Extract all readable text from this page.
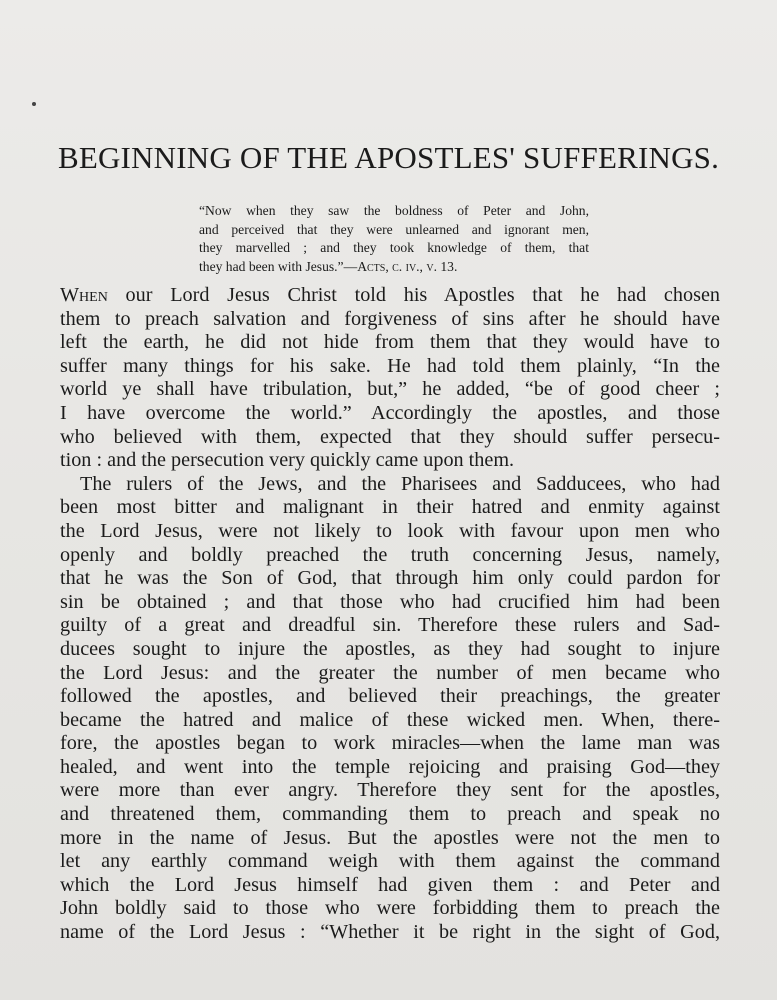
BEGINNING OF THE APOSTLES' SUFFERINGS.
“Now when they saw the boldness of Peter and John,
and perceived that they were unlearned and ignorant men,
they marvelled ; and they took knowledge of them, that
they had been with Jesus.”—Acts, c. iv., v. 13.
When our Lord Jesus Christ told his Apostles that he had chosen
them to preach salvation and forgiveness of sins after he should have
left the earth, he did not hide from them that they would have to
suffer many things for his sake. He had told them plainly, “In the
world ye shall have tribulation, but,” he added, “be of good cheer ;
I have overcome the world.” Accordingly the apostles, and those
who believed with them, expected that they should suffer persecu-
tion : and the persecution very quickly came upon them.
The rulers of the Jews, and the Pharisees and Sadducees, who had
been most bitter and malignant in their hatred and enmity against
the Lord Jesus, were not likely to look with favour upon men who
openly and boldly preached the truth concerning Jesus, namely,
that he was the Son of God, that through him only could pardon for
sin be obtained ; and that those who had crucified him had been
guilty of a great and dreadful sin. Therefore these rulers and Sad-
ducees sought to injure the apostles, as they had sought to injure
the Lord Jesus: and the greater the number of men became who
followed the apostles, and believed their preachings, the greater
became the hatred and malice of these wicked men. When, there-
fore, the apostles began to work miracles—when the lame man was
healed, and went into the temple rejoicing and praising God—they
were more than ever angry. Therefore they sent for the apostles,
and threatened them, commanding them to preach and speak no
more in the name of Jesus. But the apostles were not the men to
let any earthly command weigh with them against the command
which the Lord Jesus himself had given them : and Peter and
John boldly said to those who were forbidding them to preach the
name of the Lord Jesus : “Whether it be right in the sight of God,
